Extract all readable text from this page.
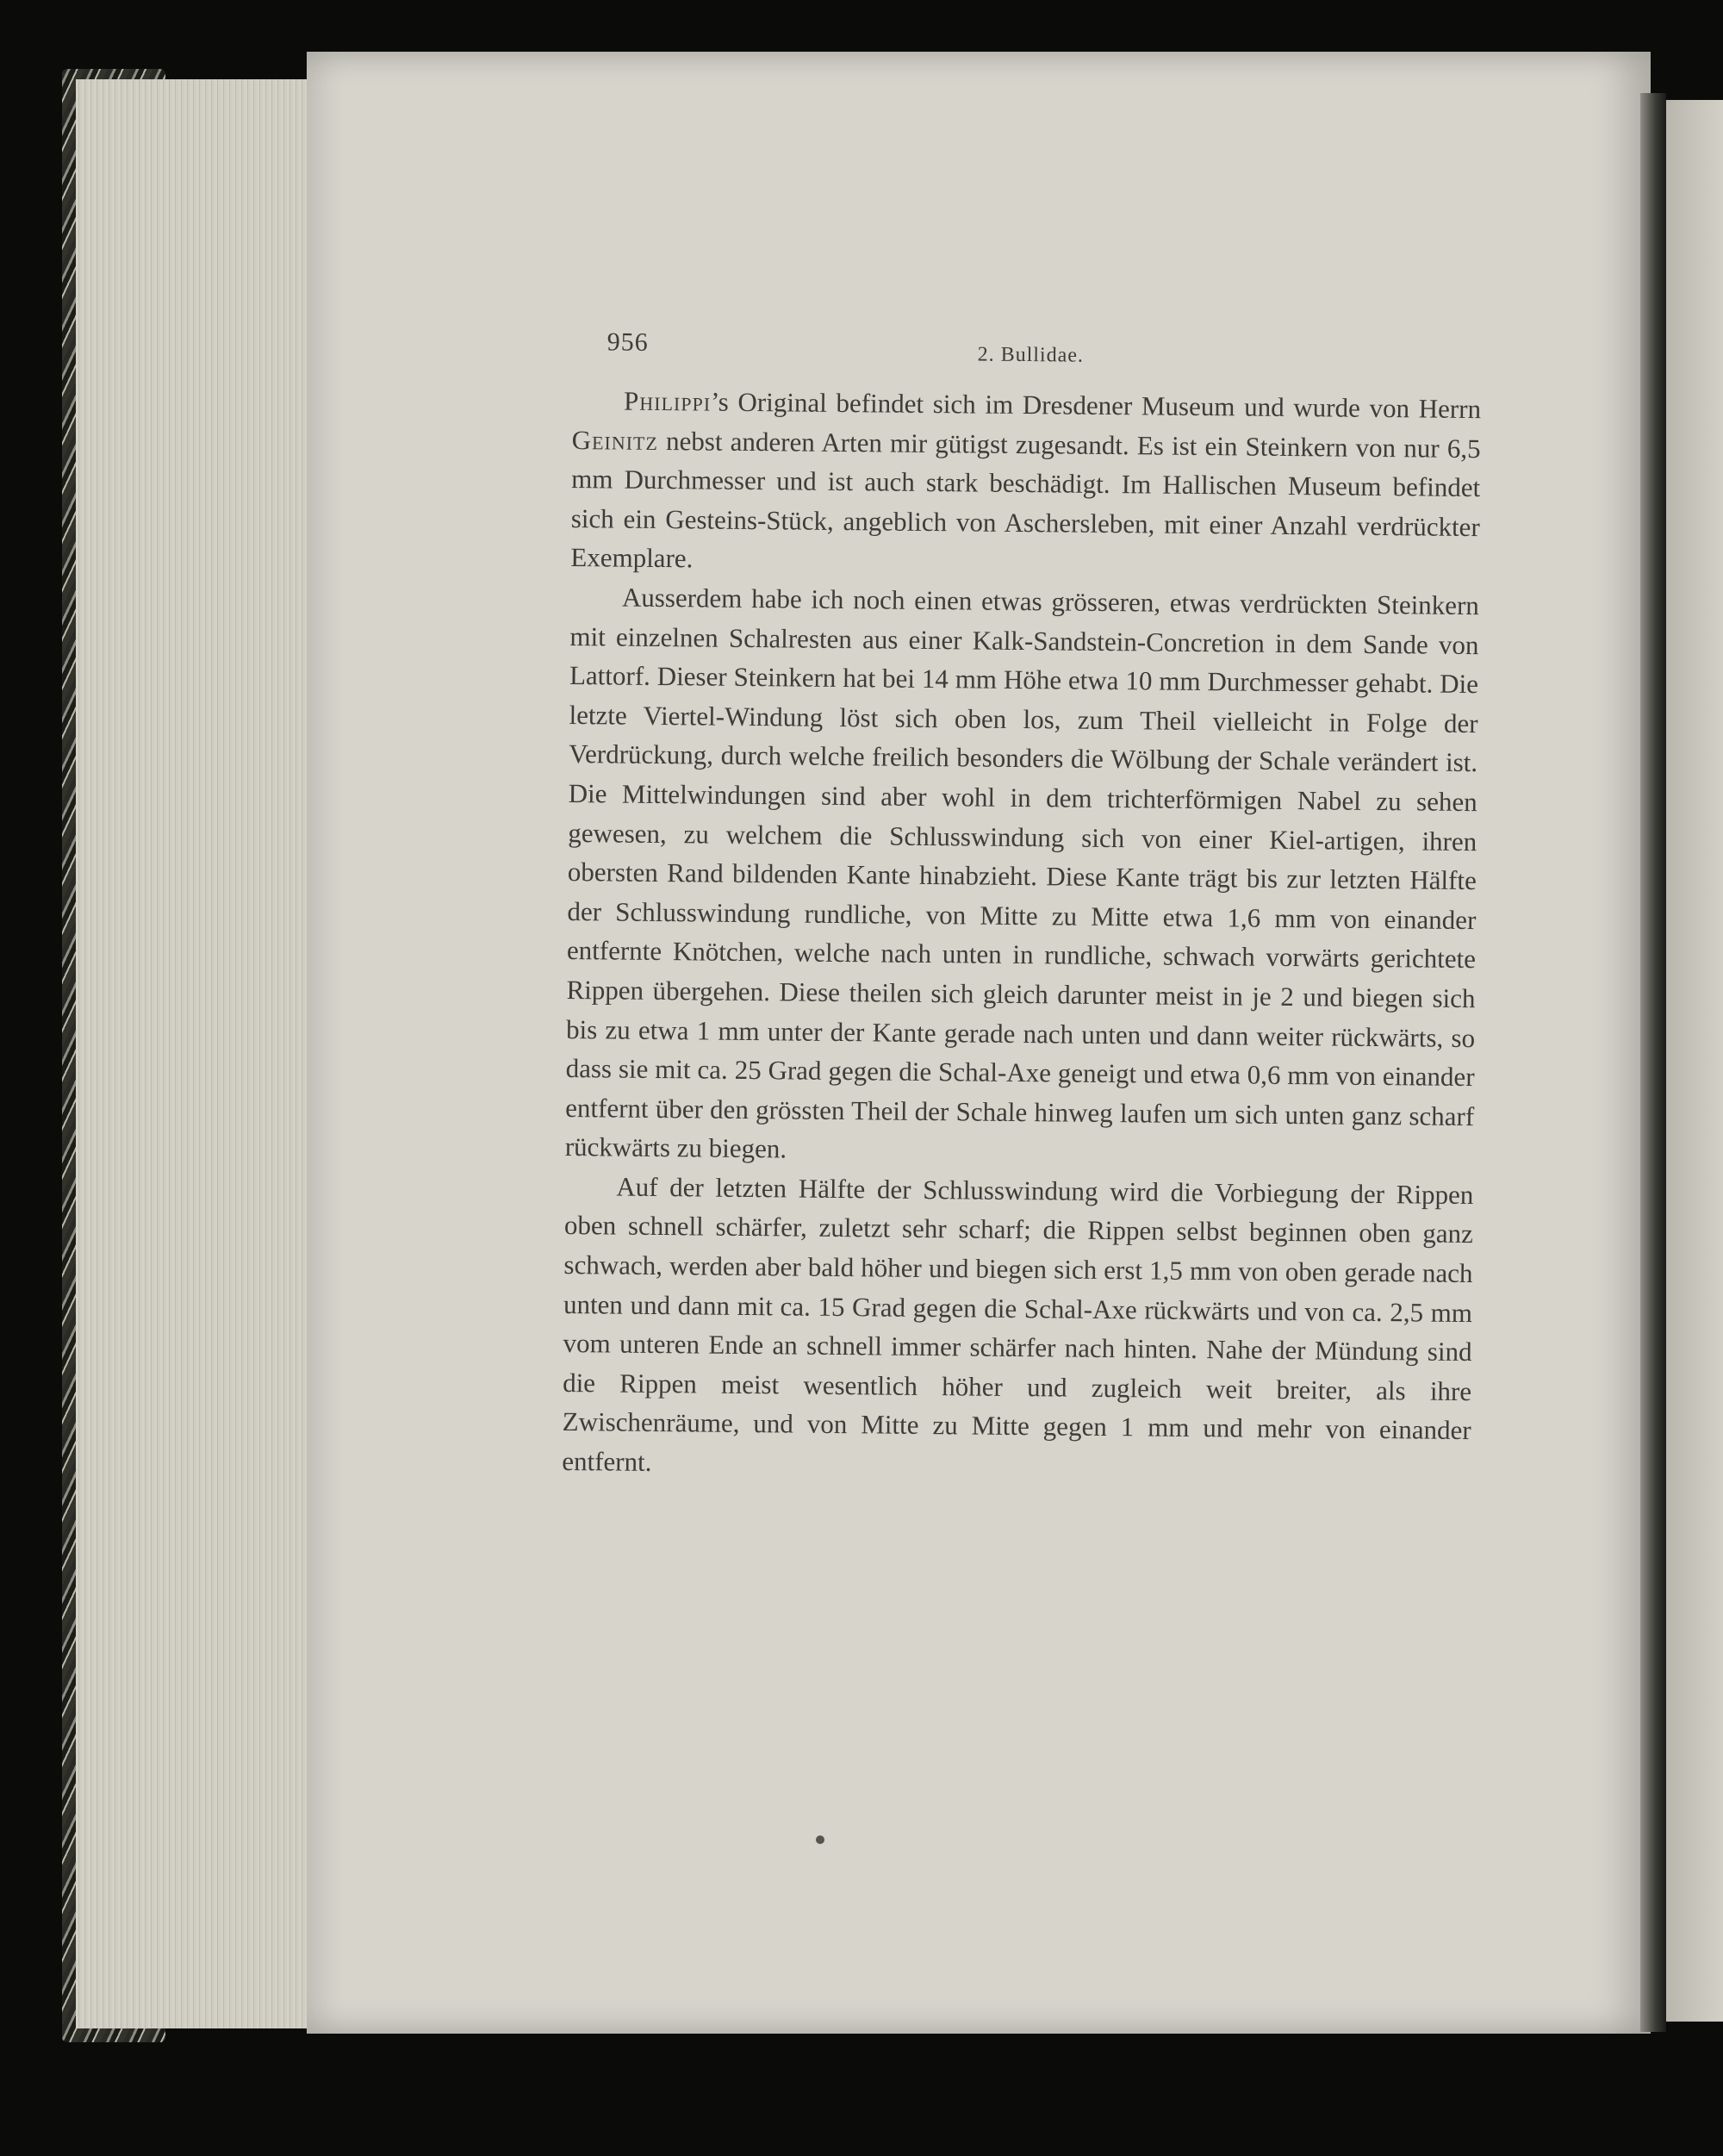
956	2. Bullidae.

Philippi’s Original befindet sich im Dresdener Museum und wurde von Herrn Geinitz nebst anderen Arten mir gütigst zugesandt. Es ist ein Steinkern von nur 6,5 mm Durchmesser und ist auch stark beschädigt. Im Hallischen Museum befindet sich ein Gesteins-Stück, angeblich von Aschersleben, mit einer Anzahl verdrückter Exemplare.

Ausserdem habe ich noch einen etwas grösseren, etwas verdrückten Steinkern mit einzelnen Schalresten aus einer Kalk-Sandstein-Concretion in dem Sande von Lattorf. Dieser Steinkern hat bei 14 mm Höhe etwa 10 mm Durchmesser gehabt. Die letzte Viertel-Windung löst sich oben los, zum Theil vielleicht in Folge der Verdrückung, durch welche freilich besonders die Wölbung der Schale verändert ist. Die Mittelwindungen sind aber wohl in dem trichterförmigen Nabel zu sehen gewesen, zu welchem die Schlusswindung sich von einer Kiel-artigen, ihren obersten Rand bildenden Kante hinabzieht. Diese Kante trägt bis zur letzten Hälfte der Schlusswindung rundliche, von Mitte zu Mitte etwa 1,6 mm von einander entfernte Knötchen, welche nach unten in rundliche, schwach vorwärts gerichtete Rippen übergehen. Diese theilen sich gleich darunter meist in je 2 und biegen sich bis zu etwa 1 mm unter der Kante gerade nach unten und dann weiter rückwärts, so dass sie mit ca. 25 Grad gegen die Schal-Axe geneigt und etwa 0,6 mm von einander entfernt über den grössten Theil der Schale hinweg laufen um sich unten ganz scharf rückwärts zu biegen.

Auf der letzten Hälfte der Schlusswindung wird die Vorbiegung der Rippen oben schnell schärfer, zuletzt sehr scharf; die Rippen selbst beginnen oben ganz schwach, werden aber bald höher und biegen sich erst 1,5 mm von oben gerade nach unten und dann mit ca. 15 Grad gegen die Schal-Axe rückwärts und von ca. 2,5 mm vom unteren Ende an schnell immer schärfer nach hinten. Nahe der Mündung sind die Rippen meist wesentlich höher und zugleich weit breiter, als ihre Zwischenräume, und von Mitte zu Mitte gegen 1 mm und mehr von einander entfernt.
